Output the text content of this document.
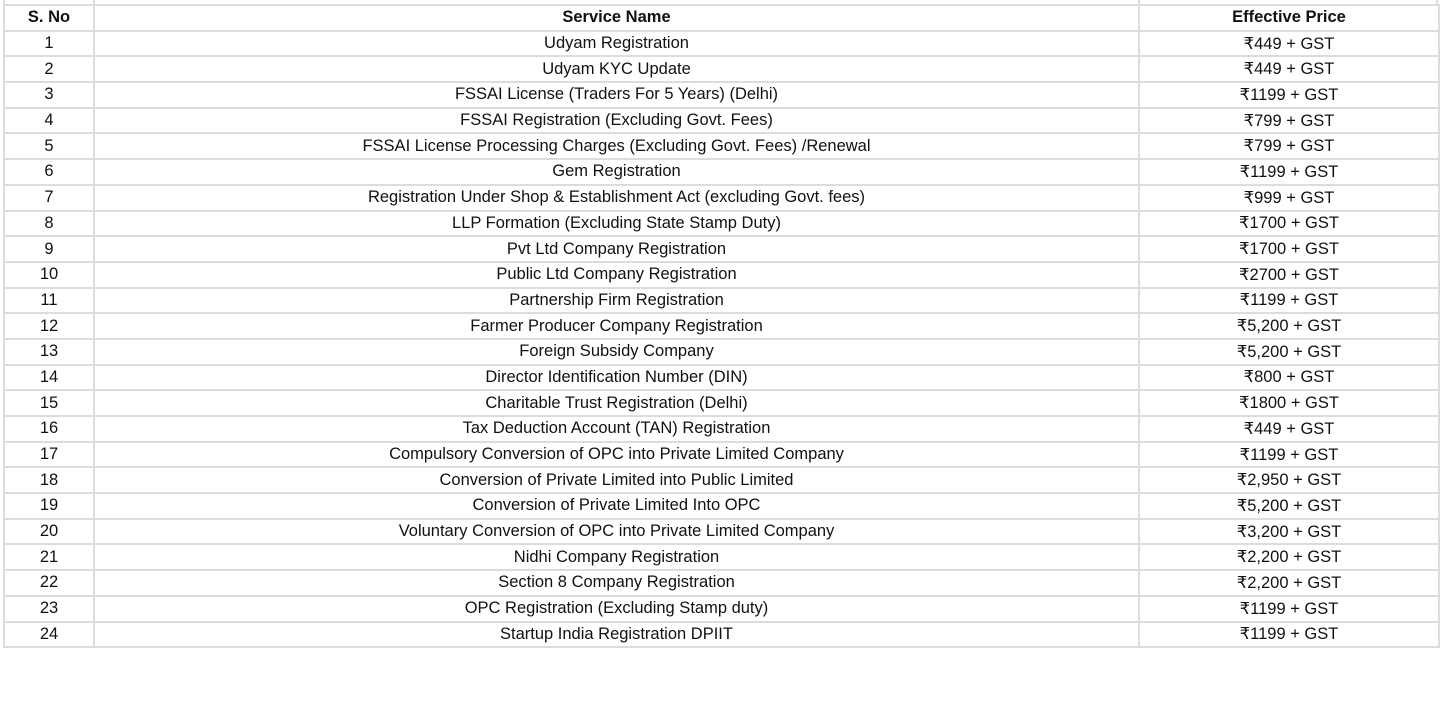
S. No	Service Name	Effective Price
1	Udyam Registration	₹449 + GST
2	Udyam KYC Update	₹449 + GST
3	FSSAI License (Traders For 5 Years) (Delhi)	₹1199 + GST
4	FSSAI Registration (Excluding Govt. Fees)	₹799 + GST
5	FSSAI License Processing Charges (Excluding Govt. Fees) /Renewal	₹799 + GST
6	Gem Registration	₹1199 + GST
7	Registration Under Shop & Establishment Act (excluding Govt. fees)	₹999 + GST
8	LLP Formation (Excluding State Stamp Duty)	₹1700 + GST
9	Pvt Ltd Company Registration	₹1700 + GST
10	Public Ltd Company Registration	₹2700 + GST
11	Partnership Firm Registration	₹1199 + GST
12	Farmer Producer Company Registration	₹5,200 + GST
13	Foreign Subsidy Company	₹5,200 + GST
14	Director Identification Number (DIN)	₹800 + GST
15	Charitable Trust Registration (Delhi)	₹1800 + GST
16	Tax Deduction Account (TAN) Registration	₹449 + GST
17	Compulsory Conversion of OPC into Private Limited Company	₹1199 + GST
18	Conversion of Private Limited into Public Limited	₹2,950 + GST
19	Conversion of Private Limited Into OPC	₹5,200 + GST
20	Voluntary Conversion of OPC into Private Limited Company	₹3,200 + GST
21	Nidhi Company Registration	₹2,200 + GST
22	Section 8 Company Registration	₹2,200 + GST
23	OPC Registration (Excluding Stamp duty)	₹1199 + GST
24	Startup India Registration DPIIT	₹1199 + GST
